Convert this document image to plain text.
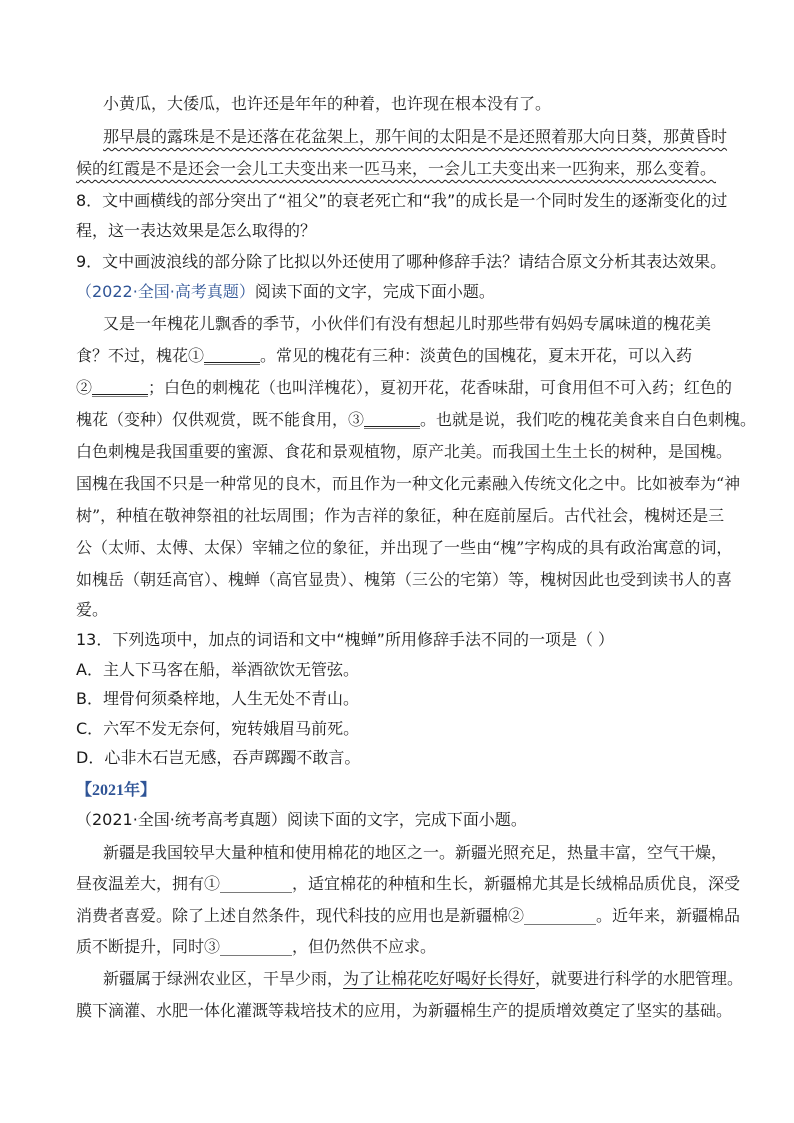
小黄瓜，大倭瓜，也许还是年年的种着，也许现在根本没有了。
那早晨的露珠是不是还落在花盆架上，那午间的太阳是不是还照着那大向日葵，那黄昏时
候的红霞是不是还会一会儿工夫变出来一匹马来，一会儿工夫变出来一匹狗来，那么变着。
8．文中画横线的部分突出了“祖父”的衰老死亡和“我”的成长是一个同时发生的逐渐变化的过
程，这一表达效果是怎么取得的？
9．文中画波浪线的部分除了比拟以外还使用了哪种修辞手法？请结合原文分析其表达效果。
（2022·全国·高考真题）阅读下面的文字，完成下面小题。
又是一年槐花儿飘香的季节，小伙伴们有没有想起儿时那些带有妈妈专属味道的槐花美
食？不过，槐花①_______。常见的槐花有三种：淡黄色的国槐花，夏末开花，可以入药
②_______；白色的刺槐花（也叫洋槐花），夏初开花，花香味甜，可食用但不可入药；红色的
槐花（变种）仅供观赏，既不能食用，③_______。也就是说，我们吃的槐花美食来自白色刺槐。
白色刺槐是我国重要的蜜源、食花和景观植物，原产北美。而我国土生土长的树种，是国槐。
国槐在我国不只是一种常见的良木，而且作为一种文化元素融入传统文化之中。比如被奉为“神
树”，种植在敬神祭祖的社坛周围；作为吉祥的象征，种在庭前屋后。古代社会，槐树还是三
公（太师、太傅、太保）宰辅之位的象征，并出现了一些由“槐”字构成的具有政治寓意的词，
如槐岳（朝廷高官）、槐蝉（高官显贵）、槐第（三公的宅第）等，槐树因此也受到读书人的喜
爱。
13．下列选项中，加点的词语和文中“槐蝉”所用修辞手法不同的一项是（ ）
A．主人下马客在船，举酒欲饮无管弦。
B．埋骨何须桑梓地，人生无处不青山。
C．六军不发无奈何，宛转娥眉马前死。
D．心非木石岂无感，吞声踯躅不敢言。
【2021年】
（2021·全国·统考高考真题）阅读下面的文字，完成下面小题。
新疆是我国较早大量种植和使用棉花的地区之一。新疆光照充足，热量丰富，空气干燥，
昼夜温差大，拥有①_________，适宜棉花的种植和生长，新疆棉尤其是长绒棉品质优良，深受
消费者喜爱。除了上述自然条件，现代科技的应用也是新疆棉②_________。近年来，新疆棉品
质不断提升，同时③_________，但仍然供不应求。
新疆属于绿洲农业区，干旱少雨，为了让棉花吃好喝好长得好，就要进行科学的水肥管理。
膜下滴灌、水肥一体化灌溉等栽培技术的应用，为新疆棉生产的提质增效奠定了坚实的基础。
